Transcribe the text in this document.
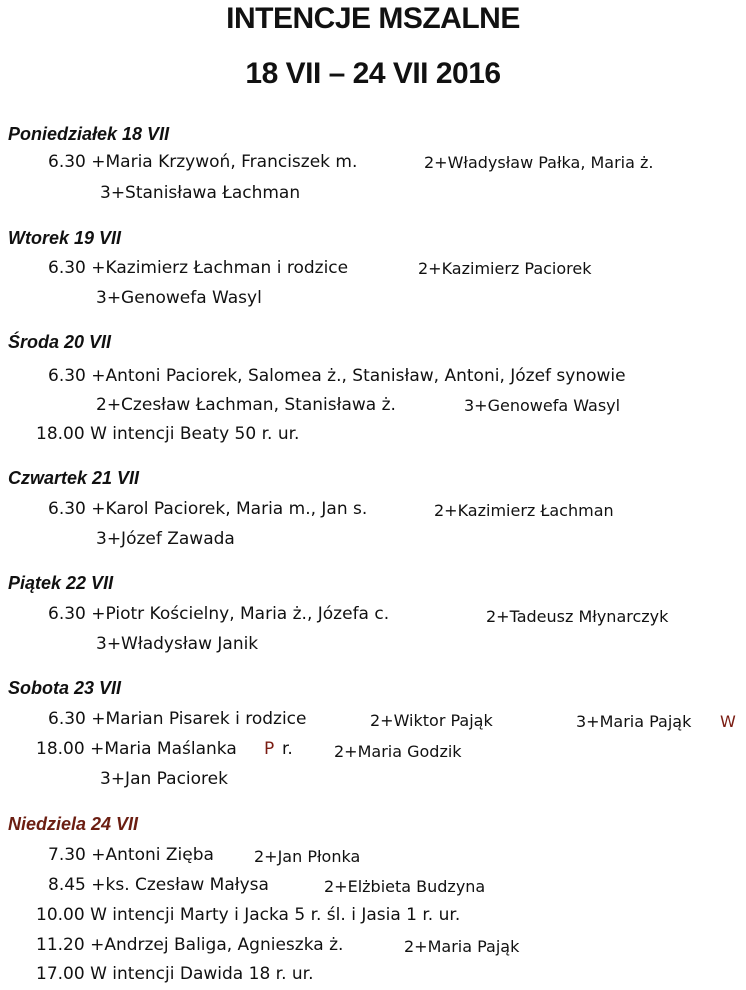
INTENCJE MSZALNE
18 VII – 24 VII 2016
Poniedziałek 18 VII
6.30 +Maria Krzywoń, Franciszek m.	2+Władysław Pałka, Maria ż.
3+Stanisława Łachman
Wtorek 19 VII
6.30 +Kazimierz Łachman i rodzice	2+Kazimierz Paciorek
3+Genowefa Wasyl
Środa 20 VII
6.30 +Antoni Paciorek, Salomea ż., Stanisław, Antoni, Józef synowie
2+Czesław Łachman, Stanisława ż.	3+Genowefa Wasyl
18.00 W intencji Beaty 50 r. ur.
Czwartek 21 VII
6.30 +Karol Paciorek, Maria m., Jan s.	2+Kazimierz Łachman
3+Józef Zawada
Piątek 22 VII
6.30 +Piotr Kościelny, Maria ż., Józefa c.	2+Tadeusz Młynarczyk
3+Władysław Janik
Sobota 23 VII
6.30 +Marian Pisarek i rodzice	2+Wiktor Pająk	3+Maria Pająk W
18.00 +Maria Maślanka P r.	2+Maria Godzik
3+Jan Paciorek
Niedziela 24 VII
7.30 +Antoni Zięba	2+Jan Płonka
8.45 +ks. Czesław Małysa	2+Elżbieta Budzyna
10.00 W intencji Marty i Jacka 5 r. śl. i Jasia 1 r. ur.
11.20 +Andrzej Baliga, Agnieszka ż.	2+Maria Pająk
17.00 W intencji Dawida 18 r. ur.
